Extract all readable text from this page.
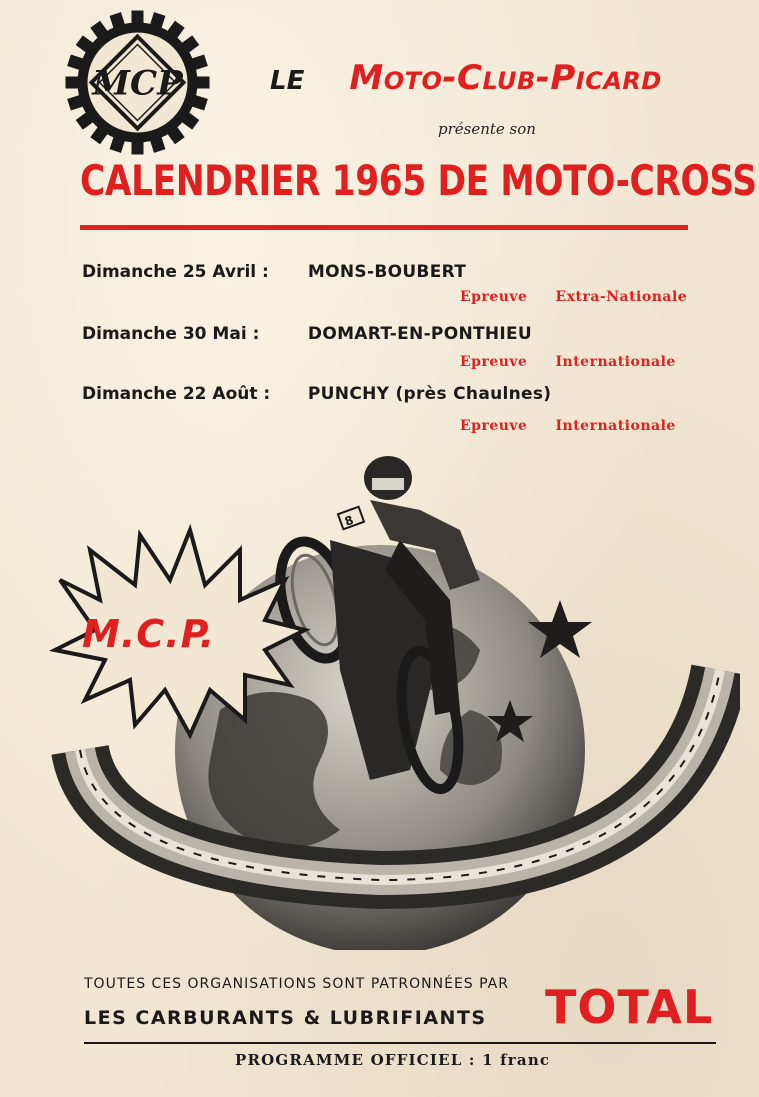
MCP	LE Moto-Club-Picard
présente son
CALENDRIER 1965 DE MOTO-CROSS
Dimanche 25 Avril : MONS-BOUBERT
Epreuve Extra-Nationale
Dimanche 30 Mai :	DOMART-EN-PONTHIEU
Epreuve Internationale
Dimanche 22 Août : PUNCHY (près Chaulnes)
Epreuve Internationale
8
M.C.P.
TOUTES CES ORGANISATIONS SONT PATRONNÉES PAR
LES CARBURANTS & LUBRIFIANTS TOTAL
PROGRAMME OFFICIEL : 1 franc
